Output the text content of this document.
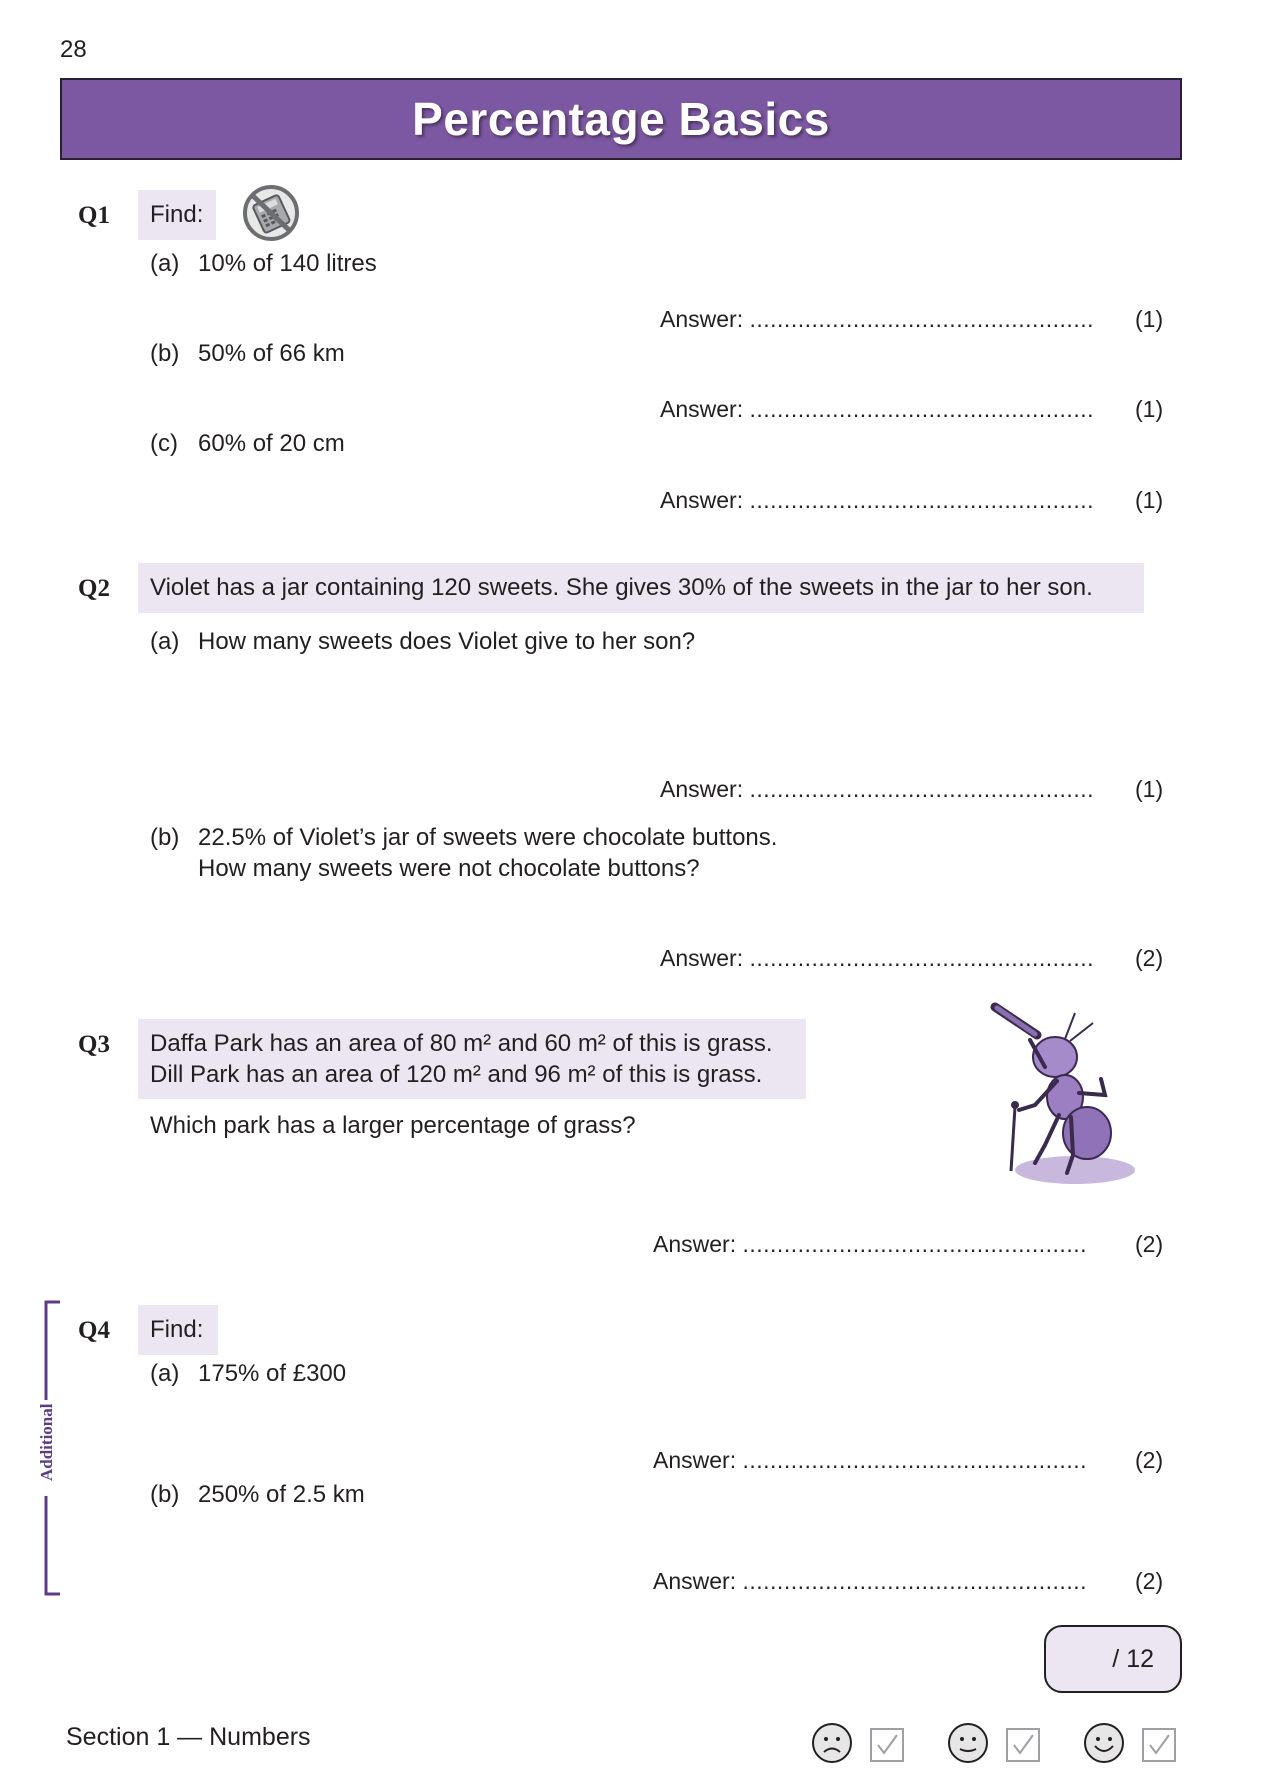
28
Percentage Basics
Q1	Find:
(a) 10% of 140 litres
Answer: .................................................. (1)
(b) 50% of 66 km
Answer: .................................................. (1)
(c) 60% of 20 cm
Answer: .................................................. (1)
Q2	Violet has a jar containing 120 sweets. She gives 30% of the sweets in the jar to her son.
(a) How many sweets does Violet give to her son?
Answer: .................................................. (1)
(b) 22.5% of Violet’s jar of sweets were chocolate buttons.
How many sweets were not chocolate buttons?
Answer: .................................................. (2)
Q3 Daffa Park has an area of 80 m² and 60 m² of this is grass.
Dill Park has an area of 120 m² and 96 m² of this is grass.
Which park has a larger percentage of grass?
Answer: .................................................. (2)
Additional
Q4	Find:
(a) 175% of £300
Answer: .................................................. (2)
(b) 250% of 2.5 km
Answer: .................................................. (2)
/ 12
Section 1 — Numbers
